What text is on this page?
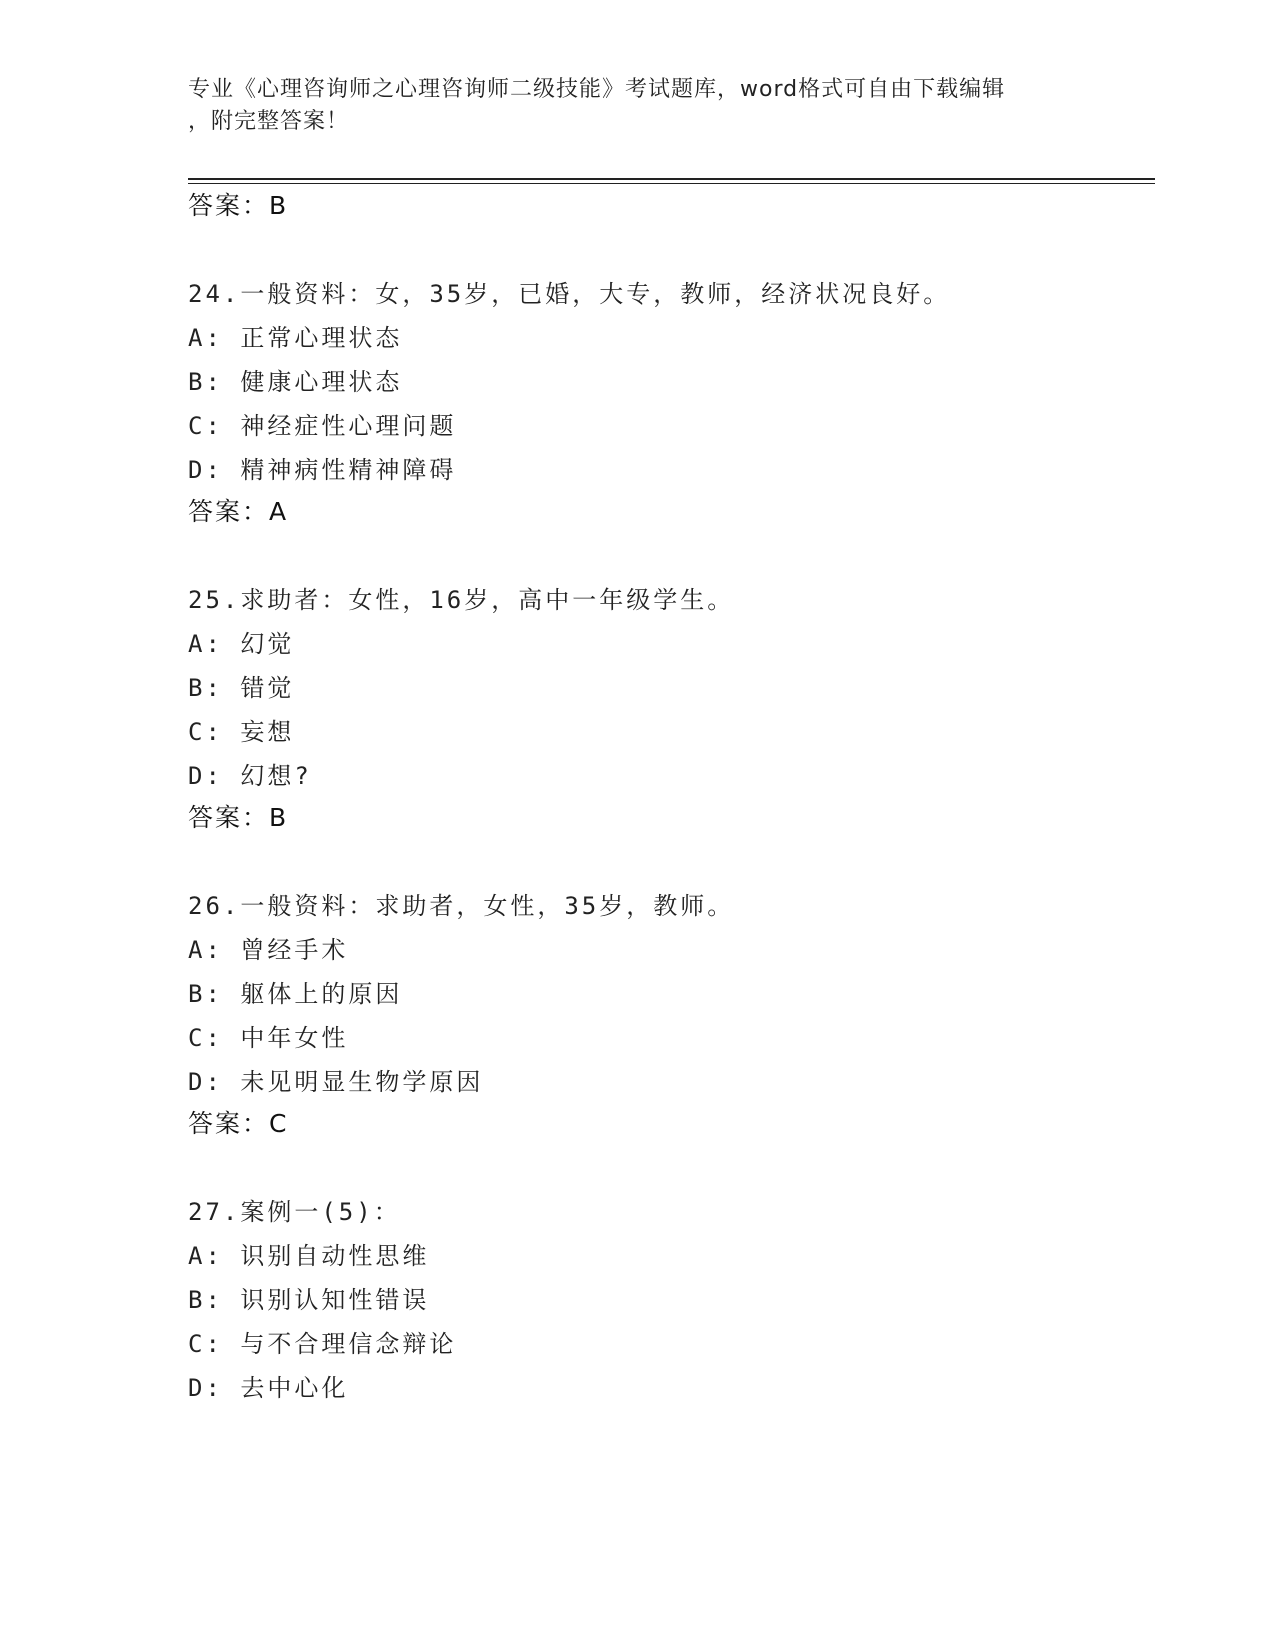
专业《心理咨询师之心理咨询师二级技能》考试题库，word格式可自由下载编辑
，附完整答案！
答案：B
24.一般资料：女，35岁，已婚，大专，教师，经济状况良好。
A: 正常心理状态
B: 健康心理状态
C: 神经症性心理问题
D: 精神病性精神障碍
答案：A
25.求助者：女性，16岁，高中一年级学生。
A: 幻觉
B: 错觉
C: 妄想
D: 幻想?
答案：B
26.一般资料：求助者，女性，35岁，教师。
A: 曾经手术
B: 躯体上的原因
C: 中年女性
D: 未见明显生物学原因
答案：C
27.案例一(5)：
A: 识别自动性思维
B: 识别认知性错误
C: 与不合理信念辩论
D: 去中心化
